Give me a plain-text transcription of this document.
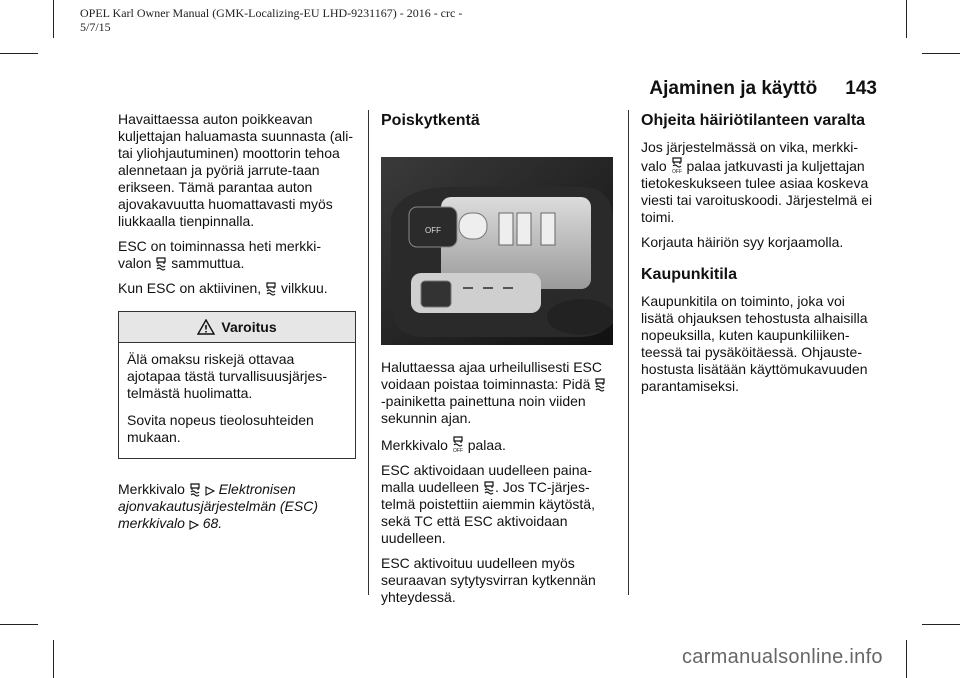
OPEL Karl Owner Manual (GMK-Localizing-EU LHD-9231167) - 2016 - crc -
5/7/15
Ajaminen ja käyttö 143

Havaittaessa auton poikkeavan kuljettajan haluamasta suunnasta (ali- tai yliohjautuminen) moottorin tehoa alennetaan ja pyöriä jarrute-taan erikseen. Tämä parantaa auton ajovakavuutta huomattavasti myös liukkaalla tienpinnalla.

ESC on toiminnassa heti merkki-
valon sammuttua.

Kun ESC on aktiivinen, vilkkuu.

Varoitus

Älä omaksu riskejä ottavaa ajotapaa tästä turvallisuusjärjes-telmästä huolimatta.

Sovita nopeus tieolosuhteiden mukaan.

Merkkivalo Elektronisen ajonvakautusjärjestelmän (ESC) merkkivalo 68.

Poiskytkentä
OFF

Haluttaessa ajaa urheilullisesti ESC
voidaan poistaa toiminnasta: Pidä
-painiketta painettuna noin viiden sekunnin ajan.

Merkkivalo OFF palaa.

ESC aktivoidaan uudelleen paina-
malla uudelleen . Jos TC-järjes-telmä poistettiin aiemmin käytöstä, sekä TC että ESC aktivoidaan uudelleen.

ESC aktivoituu uudelleen myös seuraavan sytytysvirran kytkennän yhteydessä.

Ohjeita häiriötilanteen varalta

Jos järjestelmässä on vika, merkki-
valo OFF palaa jatkuvasti ja kuljettajan tietokeskukseen tulee asiaa koskeva viesti tai varoituskoodi. Järjestelmä ei toimi.

Korjauta häiriön syy korjaamolla.

Kaupunkitila

Kaupunkitila on toiminto, joka voi lisätä ohjauksen tehostusta alhaisilla nopeuksilla, kuten kaupunkiliiken-teessä tai pysäköitäessä. Ohjauste-hostusta lisätään käyttömukavuuden parantamiseksi.

carmanualsonline.info
